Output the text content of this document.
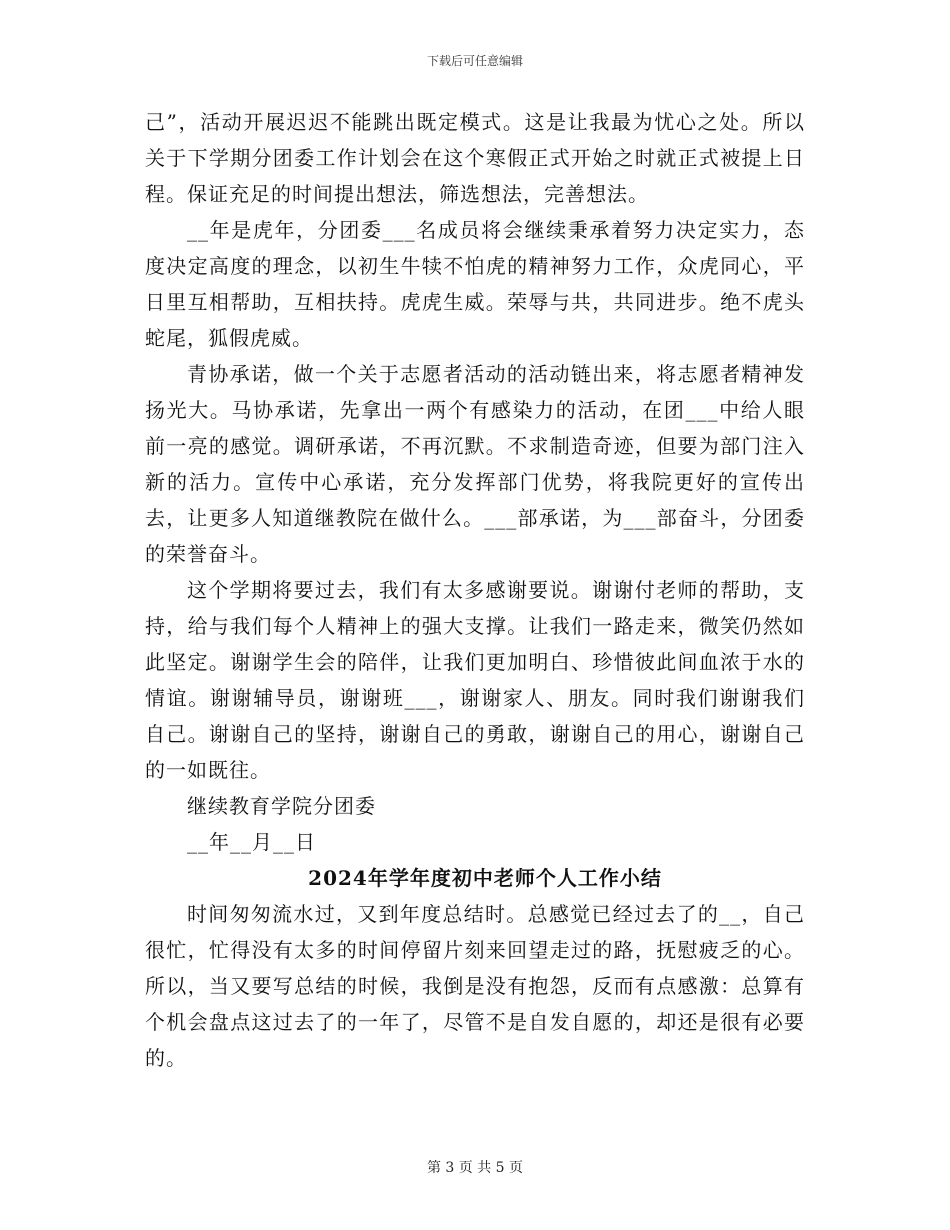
下载后可任意编辑

己”，活动开展迟迟不能跳出既定模式。这是让我最为忧心之处。所以关于下学期分团委工作计划会在这个寒假正式开始之时就正式被提上日程。保证充足的时间提出想法，筛选想法，完善想法。

__年是虎年，分团委___名成员将会继续秉承着努力决定实力，态度决定高度的理念，以初生牛犊不怕虎的精神努力工作，众虎同心，平日里互相帮助，互相扶持。虎虎生威。荣辱与共，共同进步。绝不虎头蛇尾，狐假虎威。

青协承诺，做一个关于志愿者活动的活动链出来，将志愿者精神发扬光大。马协承诺，先拿出一两个有感染力的活动，在团___中给人眼前一亮的感觉。调研承诺，不再沉默。不求制造奇迹，但要为部门注入新的活力。宣传中心承诺，充分发挥部门优势，将我院更好的宣传出去，让更多人知道继教院在做什么。___部承诺，为___部奋斗，分团委的荣誉奋斗。

这个学期将要过去，我们有太多感谢要说。谢谢付老师的帮助，支持，给与我们每个人精神上的强大支撑。让我们一路走来，微笑仍然如此坚定。谢谢学生会的陪伴，让我们更加明白、珍惜彼此间血浓于水的情谊。谢谢辅导员，谢谢班___，谢谢家人、朋友。同时我们谢谢我们自己。谢谢自己的坚持，谢谢自己的勇敢，谢谢自己的用心，谢谢自己的一如既往。

继续教育学院分团委

__年__月__日

2024年学年度初中老师个人工作小结

时间匆匆流水过，又到年度总结时。总感觉已经过去了的__，自己很忙，忙得没有太多的时间停留片刻来回望走过的路，抚慰疲乏的心。所以，当又要写总结的时候，我倒是没有抱怨，反而有点感激：总算有个机会盘点这过去了的一年了，尽管不是自发自愿的，却还是很有必要的。

第 3 页 共 5 页
